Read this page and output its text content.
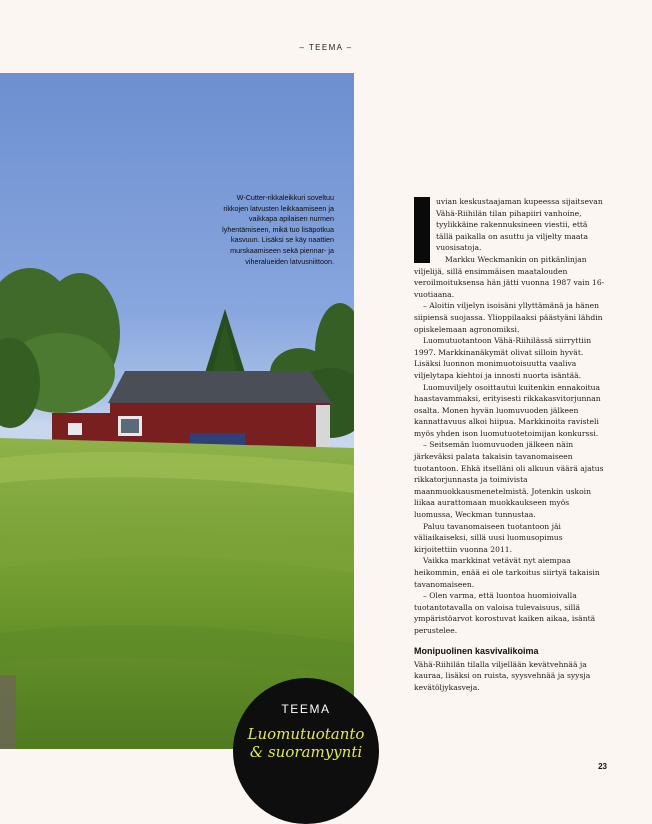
– TEEMA –
W-Cutter-rikkaleikkuri soveltuu rikkojen latvusten leikkaamiseen ja vaikkapa apilaisen nurmen lyhentämiseen, mikä tuo lisäpotkua kasvuun. Lisäksi se käy naattien murskaamiseen sekä piennar- ja viheralueiden latvusniittoon.
TEEMA
Luomutuotanto
& suoramyynti

uvian keskustaajaman kupeessa sijaitsevan Vähä-Riihilän tilan pihapiiri vanhoine, tyylikkäine rakennuksineen viestii, että tällä paikalla on asuttu ja viljelty maata vuosisatoja.

Markku Weckmankin on pitkänlinjan viljelijä, sillä ensimmäisen maatalouden veroilmoituksensa hän jätti vuonna 1987 vain 16-vuotiaana.

– Aloitin viljelyn isoisäni yllyttämänä ja hänen siipiensä suojassa. Ylioppilaaksi päästyäni lähdin opiskelemaan agronomiksi.

Luomutuotantoon Vähä-Riihilässä siirryttiin 1997. Markkinanäkymät olivat silloin hyvät. Lisäksi luonnon monimuotoisuutta vaaliva viljelytapa kiehtoi ja innosti nuorta isäntää.

Luomuviljely osoittautui kuitenkin ennakoitua haastavammaksi, erityisesti rikkakasvitorjunnan osalta. Monen hyvän luomuvuoden jälkeen kannattavuus alkoi hiipua. Markkinoita ravisteli myös yhden ison luomutuotetoimijan konkurssi.

– Seitsemän luomuvuoden jälkeen näin järkeväksi palata takaisin tavanomaiseen tuotantoon. Ehkä itselläni oli alkuun väärä ajatus rikkatorjunnasta ja toimivista maanmuokkausmenetelmistä. Jotenkin uskoin liikaa aurattomaan muokkaukseen myös luomussa, Weckman tunnustaa.

Paluu tavanomaiseen tuotantoon jäi väliaikaiseksi, sillä uusi luomusopimus kirjoitettiin vuonna 2011.

Vaikka markkinat vetävät nyt aiempaa heikommin, enää ei ole tarkoitus siirtyä takaisin tavanomaiseen.

– Olen varma, että luontoa huomioivalla tuotantotavalla on valoisa tulevaisuus, sillä ympäristöarvot korostuvat kaiken aikaa, isäntä perustelee.

Monipuolinen kasvivalikoima

Vähä-Riihilän tilalla viljellään kevätvehnää ja kauraa, lisäksi on ruista, syysvehnää ja syysja kevätöljykasveja.

23
